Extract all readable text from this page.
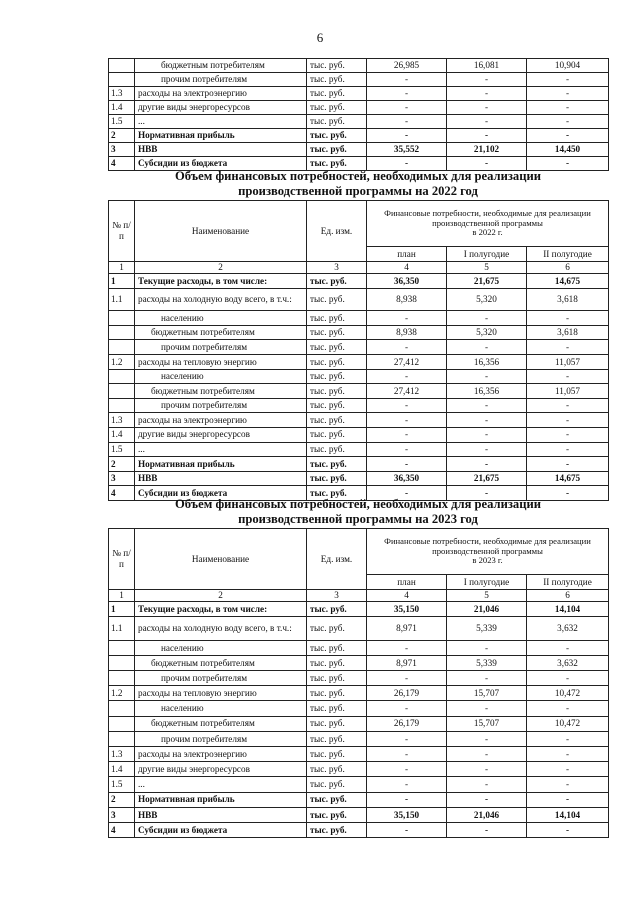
6
	бюджетным потребителям	тыс. руб.	26,985	16,081	10,904
	прочим потребителям	тыс. руб.	-	-	-
1.3	расходы на электроэнергию	тыс. руб.	-	-	-
1.4	другие виды энергоресурсов	тыс. руб.	-	-	-
1.5	...	тыс. руб.	-	-	-
2	Нормативная прибыль	тыс. руб.	-	-	-
3	НВВ	тыс. руб.	35,552	21,102	14,450
4	Субсидии из бюджета	тыс. руб.	-	-	-
Объем финансовых потребностей, необходимых для реализации
производственной программы на 2022 год
№ п/п	Наименование	Ед. изм.	Финансовые потребности, необходимые для реализации производственной программы
в 2022 г.		
			план	I полугодие	II полугодие
1	2	3	4	5	6
1	Текущие расходы, в том числе:	тыс. руб.	36,350	21,675	14,675
1.1	расходы на холодную воду всего, в т.ч.:	тыс. руб.	8,938	5,320	3,618
	населению	тыс. руб.	-	-	-
	бюджетным потребителям	тыс. руб.	8,938	5,320	3,618
	прочим потребителям	тыс. руб.	-	-	-
1.2	расходы на тепловую энергию	тыс. руб.	27,412	16,356	11,057
	населению	тыс. руб.	-	-	-
	бюджетным потребителям	тыс. руб.	27,412	16,356	11,057
	прочим потребителям	тыс. руб.	-	-	-
1.3	расходы на электроэнергию	тыс. руб.	-	-	-
1.4	другие виды энергоресурсов	тыс. руб.	-	-	-
1.5	...	тыс. руб.	-	-	-
2	Нормативная прибыль	тыс. руб.	-	-	-
3	НВВ	тыс. руб.	36,350	21,675	14,675
4	Субсидии из бюджета	тыс. руб.	-	-	-
Объем финансовых потребностей, необходимых для реализации
производственной программы на 2023 год
№ п/п	Наименование	Ед. изм.	Финансовые потребности, необходимые для реализации производственной программы
в 2023 г.		
			план	I полугодие	II полугодие
1	2	3	4	5	6
1	Текущие расходы, в том числе:	тыс. руб.	35,150	21,046	14,104
1.1	расходы на холодную воду всего, в т.ч.:	тыс. руб.	8,971	5,339	3,632
	населению	тыс. руб.	-	-	-
	бюджетным потребителям	тыс. руб.	8,971	5,339	3,632
	прочим потребителям	тыс. руб.	-	-	-
1.2	расходы на тепловую энергию	тыс. руб.	26,179	15,707	10,472
	населению	тыс. руб.	-	-	-
	бюджетным потребителям	тыс. руб.	26,179	15,707	10,472
	прочим потребителям	тыс. руб.	-	-	-
1.3	расходы на электроэнергию	тыс. руб.	-	-	-
1.4	другие виды энергоресурсов	тыс. руб.	-	-	-
1.5	...	тыс. руб.	-	-	-
2	Нормативная прибыль	тыс. руб.	-	-	-
3	НВВ	тыс. руб.	35,150	21,046	14,104
4	Субсидии из бюджета	тыс. руб.	-	-	-
